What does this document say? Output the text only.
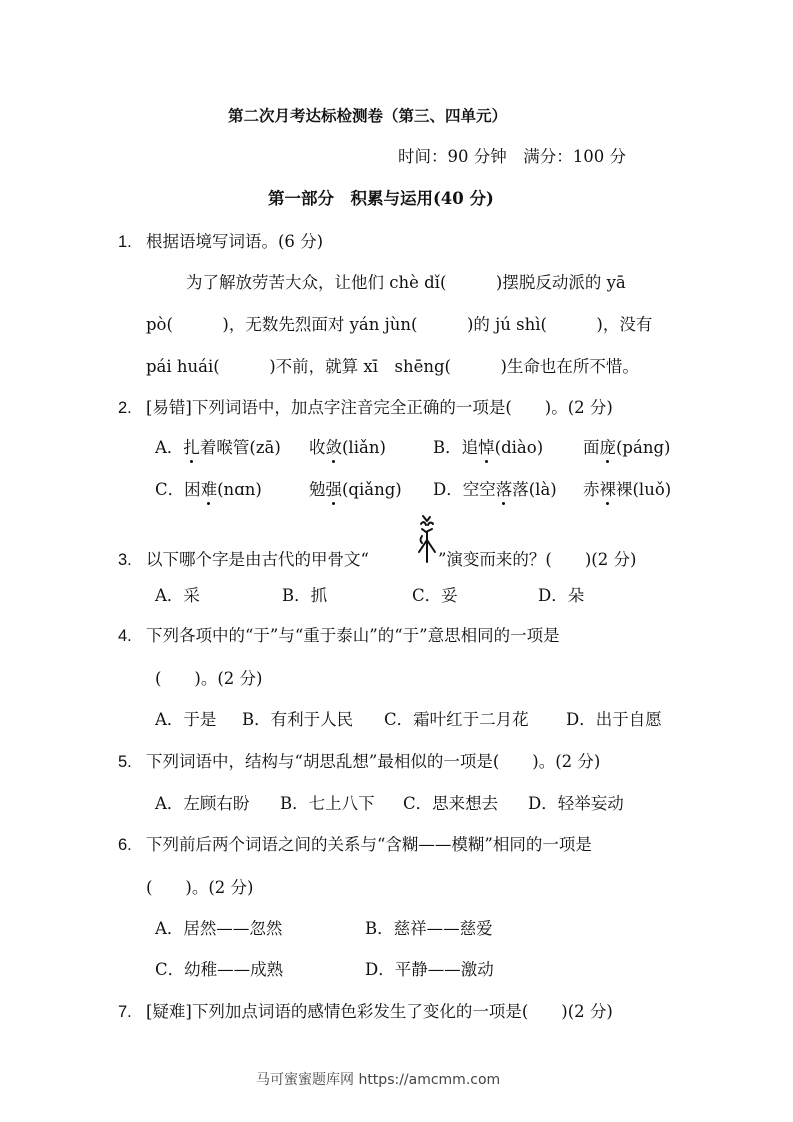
第二次月考达标检测卷（第三、四单元）
时间：90 分钟　满分：100 分
第一部分　积累与运用(40 分)
1. 根据语境写词语。(6 分)
为了解放劳苦大众，让他们 chè dǐ(　　　)摆脱反动派的 yā
pò(　　　)，无数先烈面对 yán jùn(　　　)的 jú shì(　　　)，没有
pái huái(　　　)不前，就算 xī　shēng(　　　)生命也在所不惜。
2. [易错]下列词语中，加点字注音完全正确的一项是(　　)。(2 分)
A．扎着喉管(zā) 收敛(liǎn)	B．追悼(diào) 面庞(páng)
C．困难(nɑn)	勉强(qiǎng) D．空空落落(là) 赤裸裸(luǒ)
3. 以下哪个字是由古代的甲骨文“	”演变而来的？(　　)(2 分)
A．采	B．抓	C．妥	D．朵
4. 下列各项中的“于”与“重于泰山”的“于”意思相同的一项是
(　　)。(2 分)
A．于是 B．有利于人民 C．霜叶红于二月花 D．出于自愿
5. 下列词语中，结构与“胡思乱想”最相似的一项是(　　)。(2 分)
A．左顾右盼 B．七上八下 C．思来想去 D．轻举妄动
6. 下列前后两个词语之间的关系与“含糊——模糊”相同的一项是
(　　)。(2 分)
A．居然——忽然	B．慈祥——慈爱
C．幼稚——成熟	D．平静——激动
7. [疑难]下列加点词语的感情色彩发生了变化的一项是(　　)(2 分)
马可蜜蜜题库网 https://amcmm.com
